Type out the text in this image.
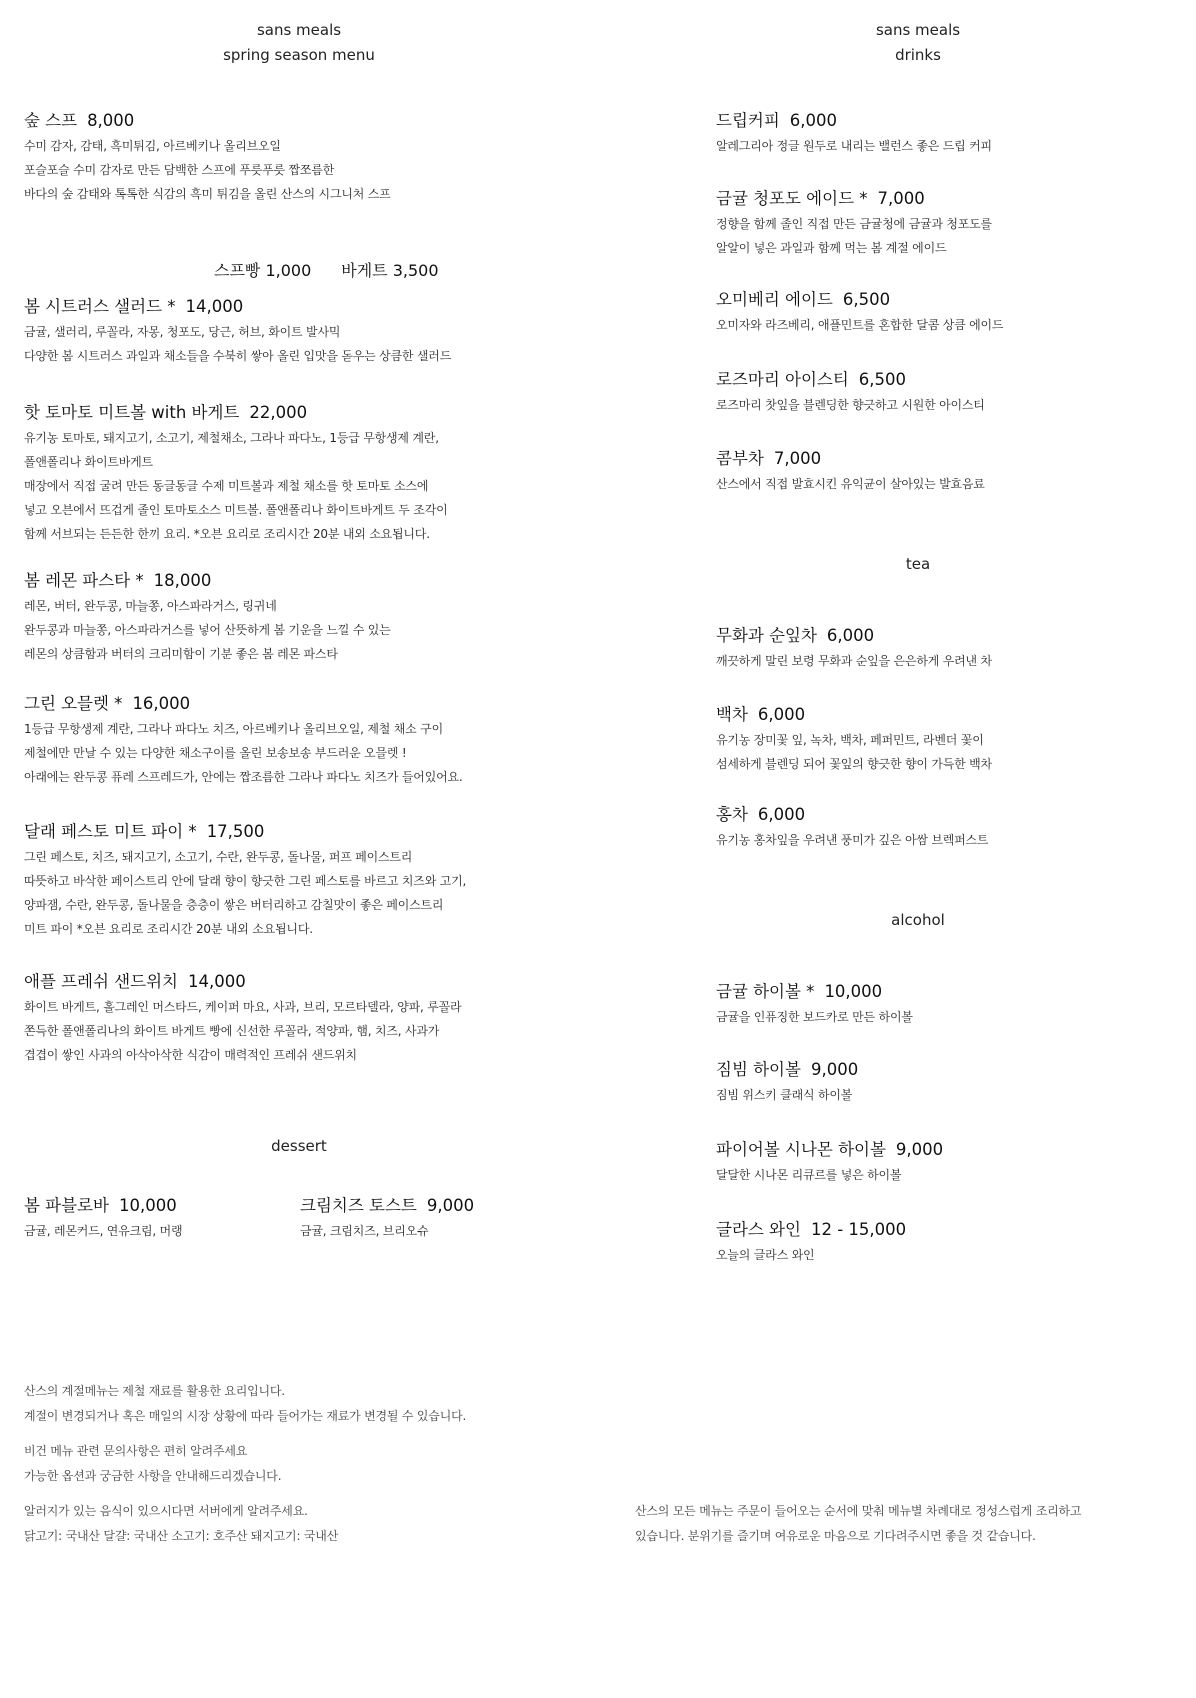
sans meals
spring season menu
sans meals
drinks
숲 스프 8,000
수미 감자, 감태, 흑미튀김, 아르베키나 올리브오일
포슬포슬 수미 감자로 만든 담백한 스프에 푸릇푸릇 짭쪼름한
바다의 숲 감태와 톡톡한 식감의 흑미 튀김을 올린 산스의 시그니처 스프
스프빵 1,000 바게트 3,500
봄 시트러스 샐러드 * 14,000
금귤, 샐러리, 루꼴라, 자몽, 청포도, 당근, 허브, 화이트 발사믹
다양한 봄 시트러스 과일과 채소들을 수북히 쌓아 올린 입맛을 돋우는 상큼한 샐러드
핫 토마토 미트볼 with 바게트 22,000
유기농 토마토, 돼지고기, 소고기, 제철채소, 그라나 파다노, 1등급 무항생제 계란,
폴앤폴리나 화이트바게트
매장에서 직접 굴려 만든 동글동글 수제 미트볼과 제철 채소를 핫 토마토 소스에
넣고 오븐에서 뜨겁게 졸인 토마토소스 미트볼. 폴앤폴리나 화이트바게트 두 조각이
함께 서브되는 든든한 한끼 요리. *오븐 요리로 조리시간 20분 내외 소요됩니다.
봄 레몬 파스타 * 18,000
레몬, 버터, 완두콩, 마늘쫑, 아스파라거스, 링귀네
완두콩과 마늘쫑, 아스파라거스를 넣어 산뜻하게 봄 기운을 느낄 수 있는
레몬의 상큼함과 버터의 크리미함이 기분 좋은 봄 레몬 파스타
그린 오믈렛 * 16,000
1등급 무항생제 계란, 그라나 파다노 치즈, 아르베키나 올리브오일, 제철 채소 구이
제철에만 만날 수 있는 다양한 채소구이를 올린 보송보송 부드러운 오믈렛 !
아래에는 완두콩 퓨레 스프레드가, 안에는 짭조름한 그라나 파다노 치즈가 들어있어요.
달래 페스토 미트 파이 * 17,500
그린 페스토, 치즈, 돼지고기, 소고기, 수란, 완두콩, 돌나물, 퍼프 페이스트리
따뜻하고 바삭한 페이스트리 안에 달래 향이 향긋한 그린 페스토를 바르고 치즈와 고기,
양파잼, 수란, 완두콩, 돌나물을 층층이 쌓은 버터리하고 감칠맛이 좋은 페이스트리
미트 파이 *오븐 요리로 조리시간 20분 내외 소요됩니다.
애플 프레쉬 샌드위치 14,000
화이트 바게트, 홀그레인 머스타드, 케이퍼 마요, 사과, 브리, 모르타델라, 양파, 루꼴라
쫀득한 폴앤폴리나의 화이트 바게트 빵에 신선한 루꼴라, 적양파, 햄, 치즈, 사과가
겹겹이 쌓인 사과의 아삭아삭한 식감이 매력적인 프레쉬 샌드위치
dessert
봄 파블로바 10,000
금귤, 레몬커드, 연유크림, 머랭
크림치즈 토스트 9,000
금귤, 크림치즈, 브리오슈
드립커피 6,000
알레그리아 정글 원두로 내리는 밸런스 좋은 드립 커피
금귤 청포도 에이드 * 7,000
정향을 함께 졸인 직접 만든 금귤청에 금귤과 청포도를
알알이 넣은 과일과 함께 먹는 봄 계절 에이드
오미베리 에이드 6,500
오미자와 라즈베리, 애플민트를 혼합한 달콤 상큼 에이드
로즈마리 아이스티 6,500
로즈마리 찻잎을 블렌딩한 향긋하고 시원한 아이스티
콤부차 7,000
산스에서 직접 발효시킨 유익균이 살아있는 발효음료
tea
무화과 순잎차 6,000
깨끗하게 말린 보령 무화과 순잎을 은은하게 우려낸 차
백차 6,000
유기농 장미꽃 잎, 녹차, 백차, 페퍼민트, 라벤더 꽃이
섬세하게 블렌딩 되어 꽃잎의 향긋한 향이 가득한 백차
홍차 6,000
유기농 홍차잎을 우려낸 풍미가 깊은 아쌈 브렉퍼스트
alcohol
금귤 하이볼 * 10,000
금귤을 인퓨징한 보드카로 만든 하이볼
짐빔 하이볼 9,000
짐빔 위스키 클래식 하이볼
파이어볼 시나몬 하이볼 9,000
달달한 시나몬 리큐르를 넣은 하이볼
글라스 와인 12 - 15,000
오늘의 글라스 와인
산스의 계절메뉴는 제철 재료를 활용한 요리입니다.
계절이 변경되거나 혹은 매일의 시장 상황에 따라 들어가는 재료가 변경될 수 있습니다.
비건 메뉴 관련 문의사항은 편히 알려주세요
가능한 옵션과 궁금한 사항을 안내해드리겠습니다.
알러지가 있는 음식이 있으시다면 서버에게 알려주세요.
닭고기: 국내산 달걀: 국내산 소고기: 호주산 돼지고기: 국내산
산스의 모든 메뉴는 주문이 들어오는 순서에 맞춰 메뉴별 차례대로 정성스럽게 조리하고
있습니다. 분위기를 즐기며 여유로운 마음으로 기다려주시면 좋을 것 같습니다.
